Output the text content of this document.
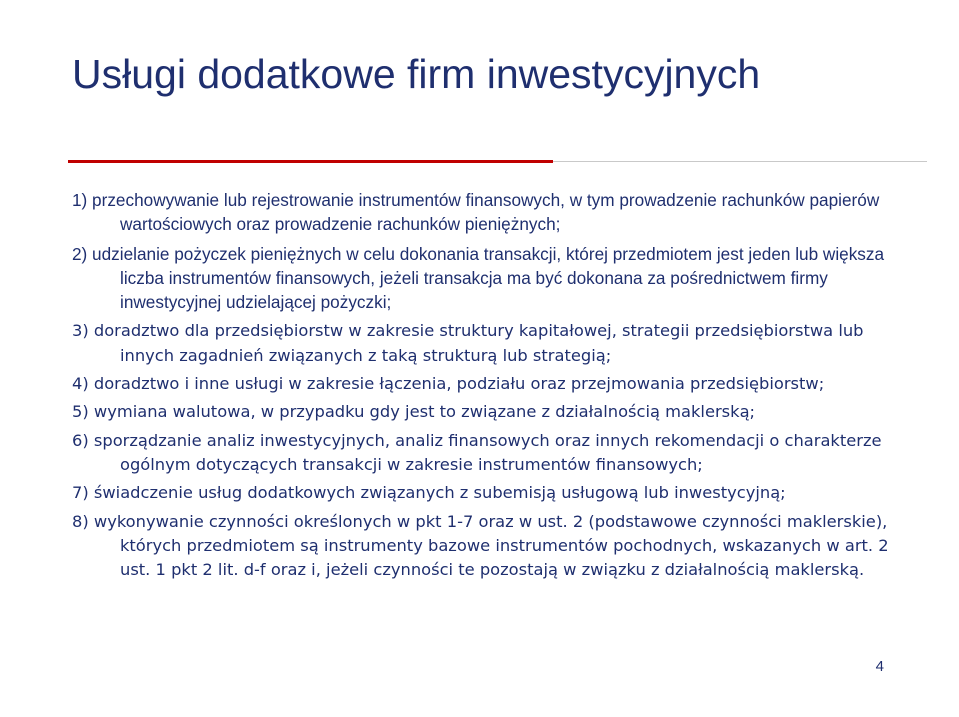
Usługi dodatkowe firm inwestycyjnych
1) przechowywanie lub rejestrowanie instrumentów finansowych, w tym prowadzenie rachunków papierów wartościowych oraz prowadzenie rachunków pieniężnych;
2) udzielanie pożyczek pieniężnych w celu dokonania transakcji, której przedmiotem jest jeden lub większa liczba instrumentów finansowych, jeżeli transakcja ma być dokonana za pośrednictwem firmy inwestycyjnej udzielającej pożyczki;
3) doradztwo dla przedsiębiorstw w zakresie struktury kapitałowej, strategii przedsiębiorstwa lub innych zagadnień związanych z taką strukturą lub strategią;
4) doradztwo i inne usługi w zakresie łączenia, podziału oraz przejmowania przedsiębiorstw;
5) wymiana walutowa, w przypadku gdy jest to związane z działalnością maklerską;
6) sporządzanie analiz inwestycyjnych, analiz finansowych oraz innych rekomendacji o charakterze ogólnym dotyczących transakcji w zakresie instrumentów finansowych;
7) świadczenie usług dodatkowych związanych z subemisją usługową lub inwestycyjną;
8) wykonywanie czynności określonych w pkt 1-7 oraz w ust. 2 (podstawowe czynności maklerskie), których przedmiotem są instrumenty bazowe instrumentów pochodnych, wskazanych w art. 2 ust. 1 pkt 2 lit. d-f oraz i, jeżeli czynności te pozostają w związku z działalnością maklerską.
4
